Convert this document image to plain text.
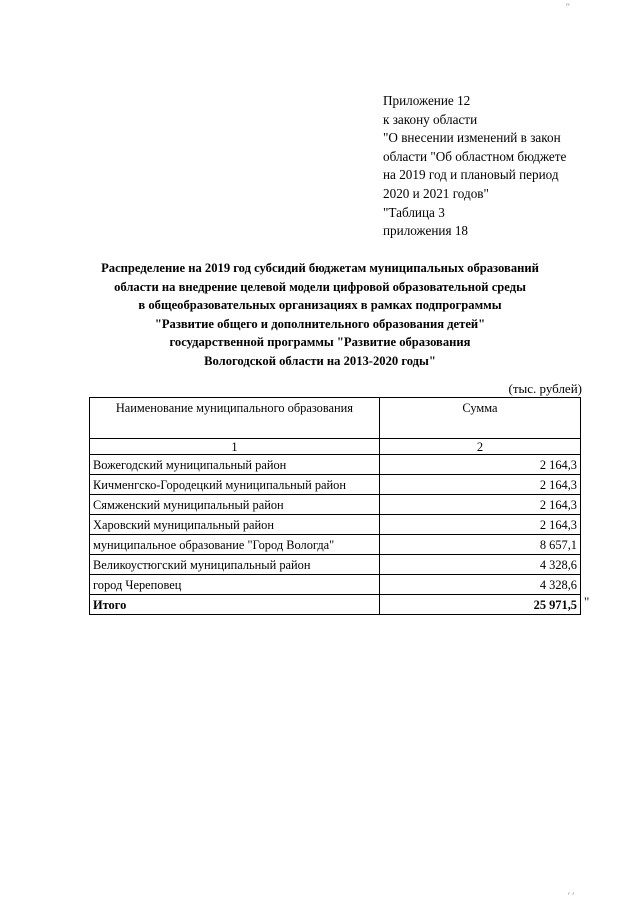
Приложение 12
к закону области
"О внесении изменений в закон
области "Об областном бюджете
на 2019 год и плановый период
2020 и 2021 годов"
"Таблица 3
приложения 18
Распределение на 2019 год субсидий бюджетам муниципальных образований
области на внедрение целевой модели цифровой образовательной среды
в общеобразовательных организациях в рамках подпрограммы
"Развитие общего и дополнительного образования детей"
государственной программы "Развитие образования
Вологодской области на 2013-2020 годы"
(тыс. рублей)
Наименование муниципального образования	Сумма
1	2
Вожегодский муниципальный район	2 164,3
Кичменгско-Городецкий муниципальный район	2 164,3
Сямженский муниципальный район	2 164,3
Харовский муниципальный район	2 164,3
муниципальное образование "Город Вологда"	8 657,1
Великоустюгский муниципальный район	4 328,6
город Череповец	4 328,6
Итого	25 971,5 "
′′
′ ′
